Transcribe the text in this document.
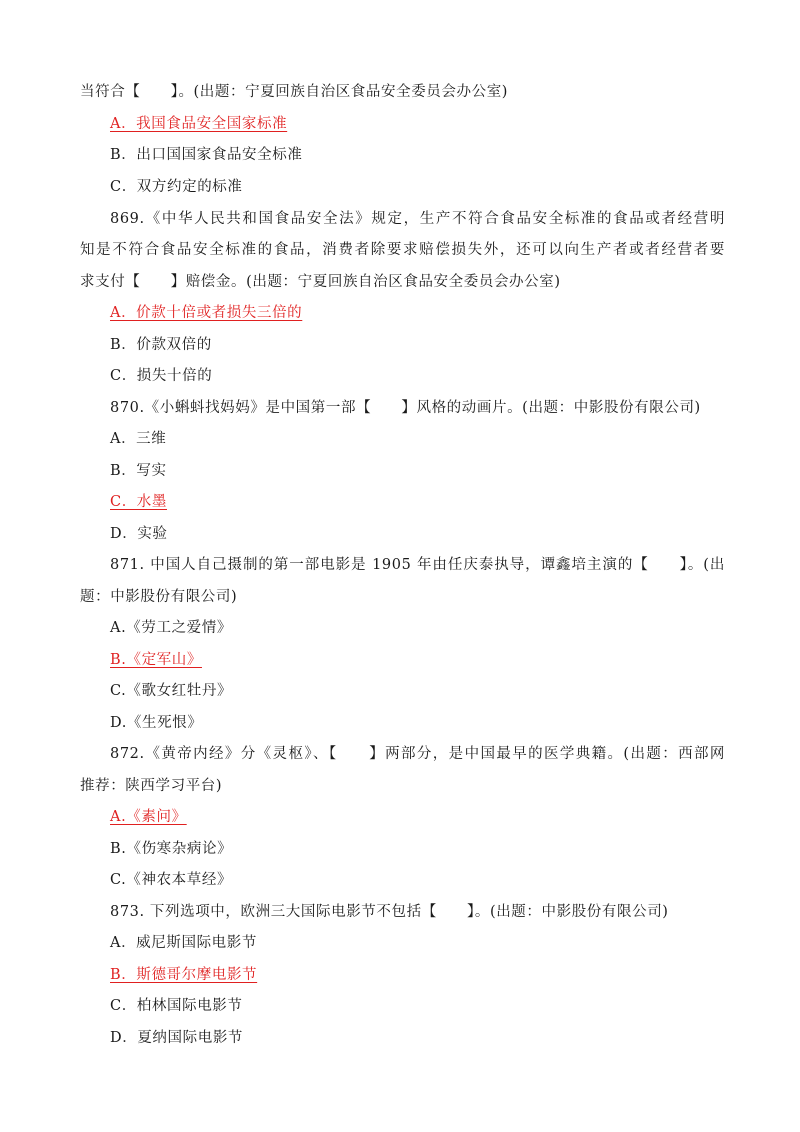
当符合【　　】。(出题：宁夏回族自治区食品安全委员会办公室)
A．我国食品安全国家标准
B．出口国国家食品安全标准
C．双方约定的标准
869.《中华人民共和国食品安全法》规定，生产不符合食品安全标准的食品或者经营明
知是不符合食品安全标准的食品，消费者除要求赔偿损失外，还可以向生产者或者经营者要
求支付【　　】赔偿金。(出题：宁夏回族自治区食品安全委员会办公室)
A．价款十倍或者损失三倍的
B．价款双倍的
C．损失十倍的
870.《小蝌蚪找妈妈》是中国第一部【　　】风格的动画片。(出题：中影股份有限公司)
A．三维
B．写实
C．水墨
D．实验
871. 中国人自己摄制的第一部电影是 1905 年由任庆泰执导，谭鑫培主演的【　　】。(出
题：中影股份有限公司)
A.《劳工之爱情》
B.《定军山》
C.《歌女红牡丹》
D.《生死恨》
872.《黄帝内经》分《灵枢》、【　　】两部分，是中国最早的医学典籍。(出题：西部网
推荐：陕西学习平台)
A.《素问》
B.《伤寒杂病论》
C.《神农本草经》
873. 下列选项中，欧洲三大国际电影节不包括【　　】。(出题：中影股份有限公司)
A．威尼斯国际电影节
B．斯德哥尔摩电影节
C．柏林国际电影节
D．夏纳国际电影节
